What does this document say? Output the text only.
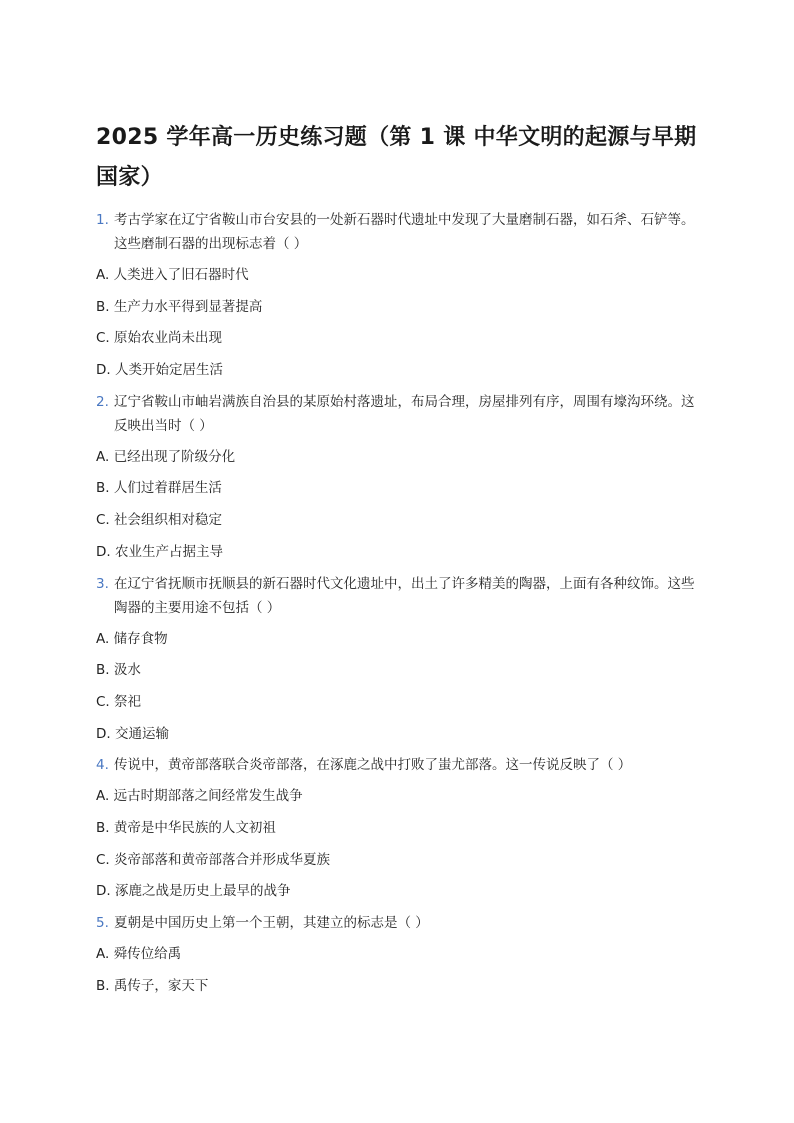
2025 学年高一历史练习题（第 1 课 中华文明的起源与早期国家）
1. 考古学家在辽宁省鞍山市台安县的一处新石器时代遗址中发现了大量磨制石器，如石斧、石铲等。这些磨制石器的出现标志着（ ）
A. 人类进入了旧石器时代
B. 生产力水平得到显著提高
C. 原始农业尚未出现
D. 人类开始定居生活
2. 辽宁省鞍山市岫岩满族自治县的某原始村落遗址，布局合理，房屋排列有序，周围有壕沟环绕。这反映出当时（ ）
A. 已经出现了阶级分化
B. 人们过着群居生活
C. 社会组织相对稳定
D. 农业生产占据主导
3. 在辽宁省抚顺市抚顺县的新石器时代文化遗址中，出土了许多精美的陶器，上面有各种纹饰。这些陶器的主要用途不包括（ ）
A. 储存食物
B. 汲水
C. 祭祀
D. 交通运输
4. 传说中，黄帝部落联合炎帝部落，在涿鹿之战中打败了蚩尤部落。这一传说反映了（ ）
A. 远古时期部落之间经常发生战争
B. 黄帝是中华民族的人文初祖
C. 炎帝部落和黄帝部落合并形成华夏族
D. 涿鹿之战是历史上最早的战争
5. 夏朝是中国历史上第一个王朝，其建立的标志是（ ）
A. 舜传位给禹
B. 禹传子，家天下
